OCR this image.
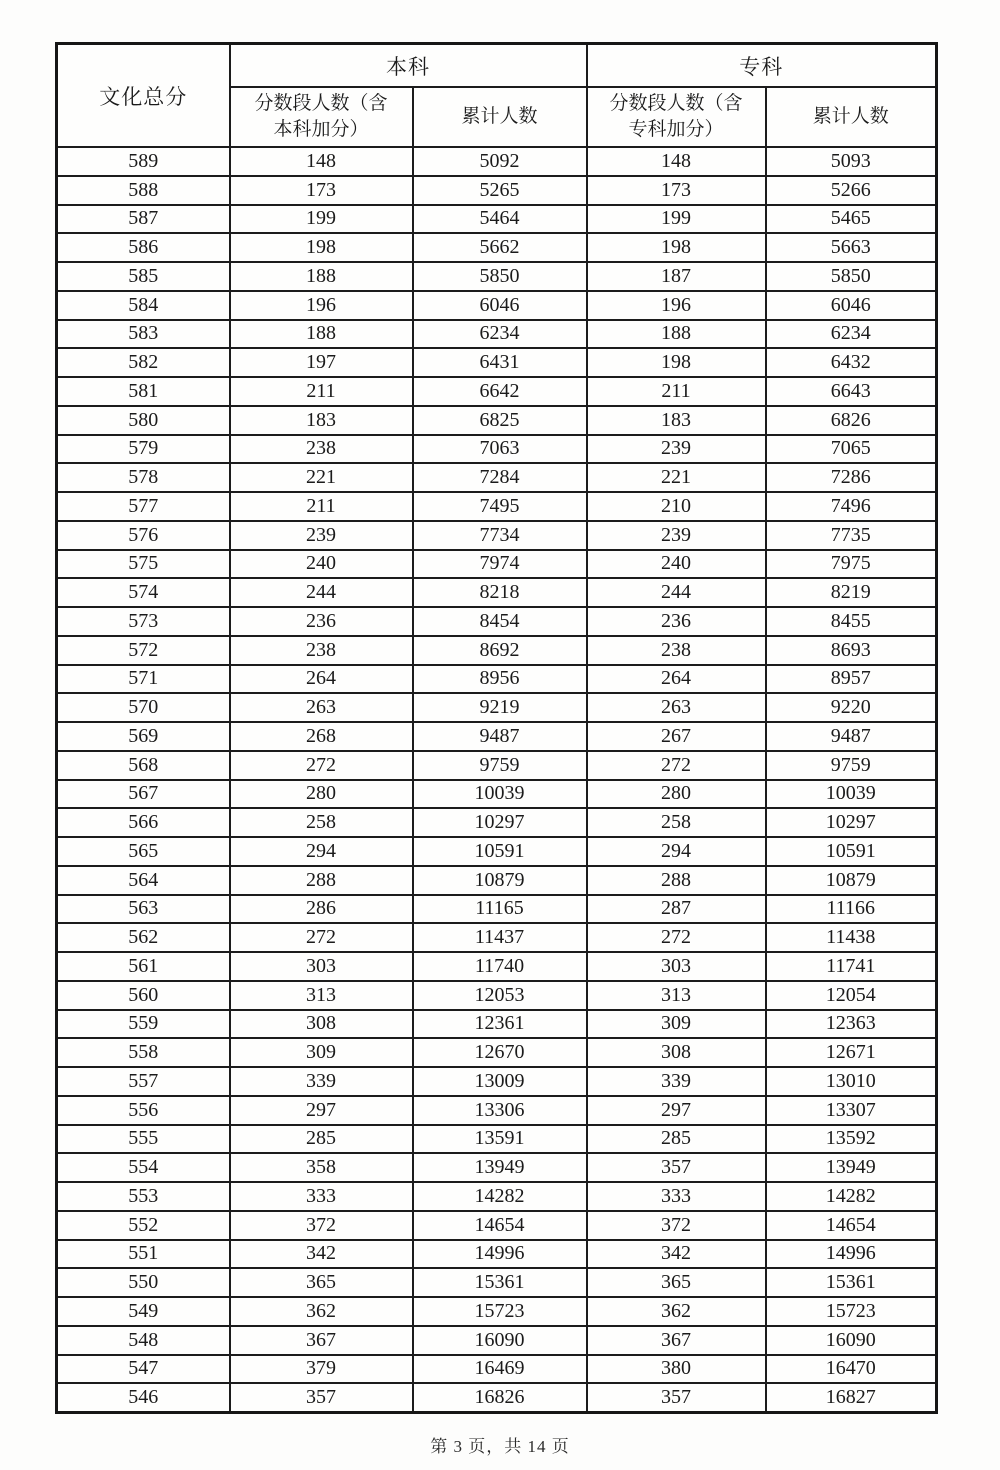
文化总分	本科		专科	
	分数段人数（含本科加分）	累计人数	分数段人数（含专科加分）	累计人数
589	148	5092	148	5093
588	173	5265	173	5266
587	199	5464	199	5465
586	198	5662	198	5663
585	188	5850	187	5850
584	196	6046	196	6046
583	188	6234	188	6234
582	197	6431	198	6432
581	211	6642	211	6643
580	183	6825	183	6826
579	238	7063	239	7065
578	221	7284	221	7286
577	211	7495	210	7496
576	239	7734	239	7735
575	240	7974	240	7975
574	244	8218	244	8219
573	236	8454	236	8455
572	238	8692	238	8693
571	264	8956	264	8957
570	263	9219	263	9220
569	268	9487	267	9487
568	272	9759	272	9759
567	280	10039	280	10039
566	258	10297	258	10297
565	294	10591	294	10591
564	288	10879	288	10879
563	286	11165	287	11166
562	272	11437	272	11438
561	303	11740	303	11741
560	313	12053	313	12054
559	308	12361	309	12363
558	309	12670	308	12671
557	339	13009	339	13010
556	297	13306	297	13307
555	285	13591	285	13592
554	358	13949	357	13949
553	333	14282	333	14282
552	372	14654	372	14654
551	342	14996	342	14996
550	365	15361	365	15361
549	362	15723	362	15723
548	367	16090	367	16090
547	379	16469	380	16470
546	357	16826	357	16827
第 3 页，共 14 页
